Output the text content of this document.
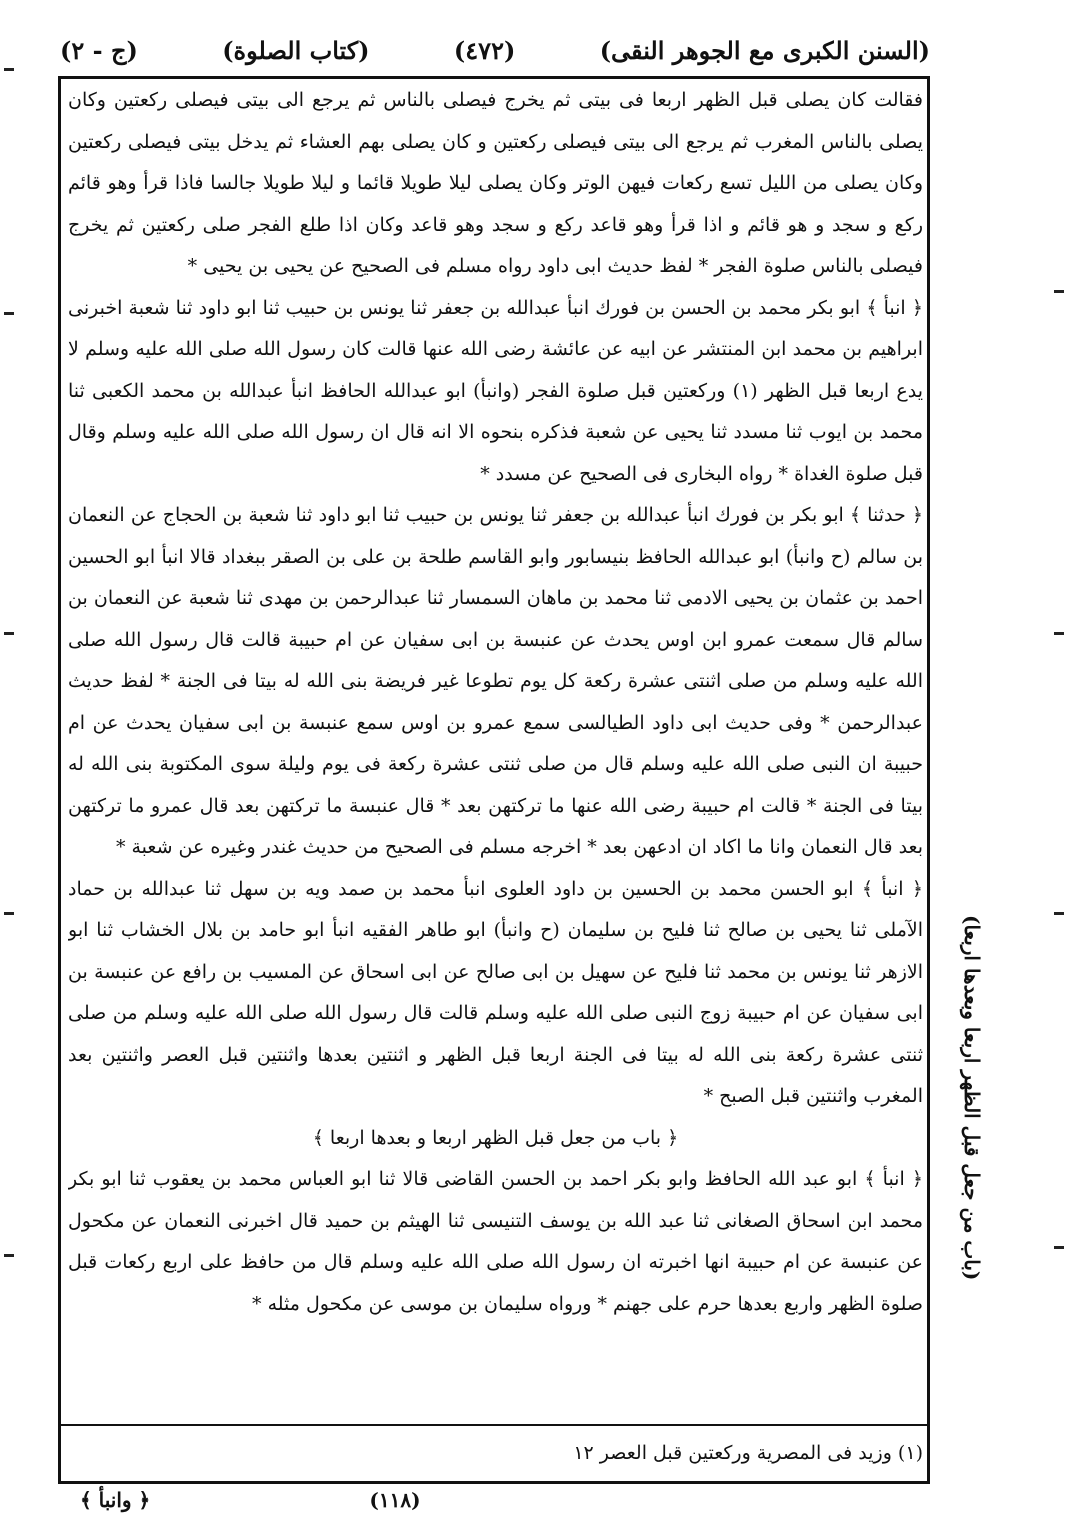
(السنن الكبرى مع الجوهر النقى)
(٤٧٢)
(كتاب الصلوة)
(ج - ٢)

فقالت كان يصلى قبل الظهر اربعا فى بيتى ثم يخرج فيصلى بالناس ثم يرجع الى بيتى فيصلى ركعتين وكان يصلى بالناس المغرب ثم يرجع الى بيتى فيصلى ركعتين و كان يصلى بهم العشاء ثم يدخل بيتى فيصلى ركعتين وكان يصلى من الليل تسع ركعات فيهن الوتر وكان يصلى ليلا طويلا قائما و ليلا طويلا جالسا فاذا قرأ وهو قائم ركع و سجد و هو قائم و اذا قرأ وهو قاعد ركع و سجد وهو قاعد وكان اذا طلع الفجر صلى ركعتين ثم يخرج فيصلى بالناس صلوة الفجر * لفظ حديث ابى داود رواه مسلم فى الصحيح عن يحيى بن يحيى *

﴿ انبأ ﴾ ابو بكر محمد بن الحسن بن فورك انبأ عبدالله بن جعفر ثنا يونس بن حبيب ثنا ابو داود ثنا شعبة اخبرنى ابراهيم بن محمد ابن المنتشر عن ابيه عن عائشة رضى الله عنها قالت كان رسول الله صلى الله عليه وسلم لا يدع اربعا قبل الظهر (١) وركعتين قبل صلوة الفجر (وانبأ) ابو عبدالله الحافظ انبأ عبدالله بن محمد الكعبى ثنا محمد بن ايوب ثنا مسدد ثنا يحيى عن شعبة فذكره بنحوه الا انه قال ان رسول الله صلى الله عليه وسلم وقال قبل صلوة الغداة * رواه البخارى فى الصحيح عن مسدد *

﴿ حدثنا ﴾ ابو بكر بن فورك انبأ عبدالله بن جعفر ثنا يونس بن حبيب ثنا ابو داود ثنا شعبة بن الحجاج عن النعمان بن سالم (ح وانبأ) ابو عبدالله الحافظ بنيسابور وابو القاسم طلحة بن على بن الصقر ببغداد قالا انبأ ابو الحسين احمد بن عثمان بن يحيى الادمى ثنا محمد بن ماهان السمسار ثنا عبدالرحمن بن مهدى ثنا شعبة عن النعمان بن سالم قال سمعت عمرو ابن اوس يحدث عن عنبسة بن ابى سفيان عن ام حبيبة قالت قال رسول الله صلى الله عليه وسلم من صلى اثنتى عشرة ركعة كل يوم تطوعا غير فريضة بنى الله له بيتا فى الجنة * لفظ حديث عبدالرحمن * وفى حديث ابى داود الطيالسى سمع عمرو بن اوس سمع عنبسة بن ابى سفيان يحدث عن ام حبيبة ان النبى صلى الله عليه وسلم قال من صلى ثنتى عشرة ركعة فى يوم وليلة سوى المكتوبة بنى الله له بيتا فى الجنة * قالت ام حبيبة رضى الله عنها ما تركتهن بعد * قال عنبسة ما تركتهن بعد قال عمرو ما تركتهن بعد قال النعمان وانا ما اكاد ان ادعهن بعد * اخرجه مسلم فى الصحيح من حديث غندر وغيره عن شعبة *

﴿ انبأ ﴾ ابو الحسن محمد بن الحسين بن داود العلوى انبأ محمد بن صمد ويه بن سهل ثنا عبدالله بن حماد الآملى ثنا يحيى بن صالح ثنا فليح بن سليمان (ح وانبأ) ابو طاهر الفقيه انبأ ابو حامد بن بلال الخشاب ثنا ابو الازهر ثنا يونس بن محمد ثنا فليح عن سهيل بن ابى صالح عن ابى اسحاق عن المسيب بن رافع عن عنبسة بن ابى سفيان عن ام حبيبة زوج النبى صلى الله عليه وسلم قالت قال رسول الله صلى الله عليه وسلم من صلى ثنتى عشرة ركعة بنى الله له بيتا فى الجنة اربعا قبل الظهر و اثنتين بعدها واثنتين قبل العصر واثنتين بعد المغرب واثنتين قبل الصبح *

﴿ باب من جعل قبل الظهر اربعا و بعدها اربعا ﴾

﴿ انبأ ﴾ ابو عبد الله الحافظ وابو بكر احمد بن الحسن القاضى قالا ثنا ابو العباس محمد بن يعقوب ثنا ابو بكر محمد ابن اسحاق الصغانى ثنا عبد الله بن يوسف التنيسى ثنا الهيثم بن حميد قال اخبرنى النعمان عن مكحول عن عنبسة عن ام حبيبة انها اخبرته ان رسول الله صلى الله عليه وسلم قال من حافظ على اربع ركعات قبل صلوة الظهر واربع بعدها حرم على جهنم * ورواه سليمان بن موسى عن مكحول مثله *

(١) وزيد فى المصرية وركعتين قبل العصر ١٢
(باب من جعل قبل الظهر اربعا وبعدها اربعا)
(١١٨)
﴿ وانبأ ﴾
